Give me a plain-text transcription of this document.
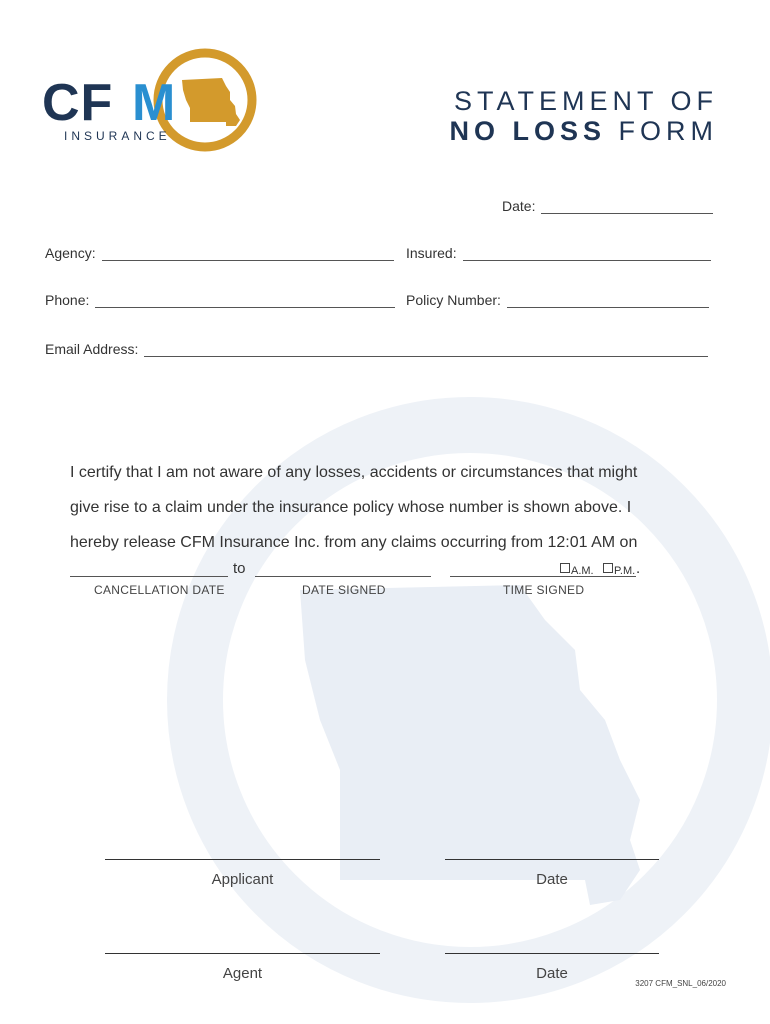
CF M
INSURANCE
STATEMENT OF
NO LOSS FORM
Date:
Agency:	Insured:
Phone:	Policy Number:
Email Address:
I certify that I am not aware of any losses, accidents or circumstances that might
give rise to a claim under the insurance policy whose number is shown above. I
hereby release CFM Insurance Inc. from any claims occurring from 12:01 AM on
to	A.M.	P.M. .
CANCELLATION DATE	DATE SIGNED	TIME SIGNED
Applicant	Date
Agent	Date
3207 CFM_SNL_06/2020
